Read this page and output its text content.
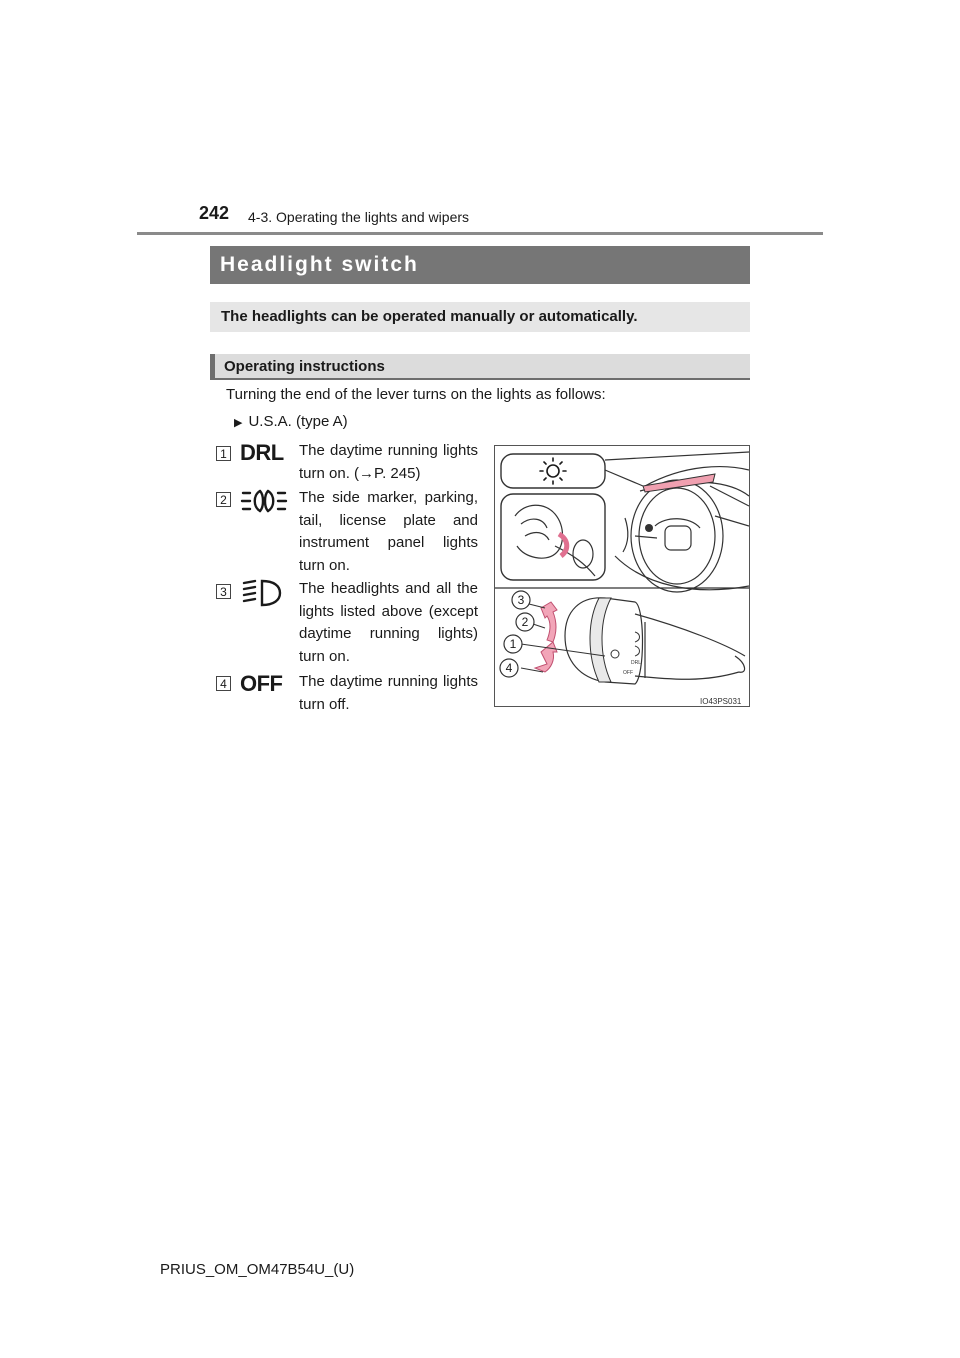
242 4-3. Operating the lights and wipers
Headlight switch
The headlights can be operated manually or automatically.
Operating instructions
Turning the end of the lever turns on the lights as follows:
▶ U.S.A. (type A)
1 DRL The daytime running lights turn on. (→P. 245)
2	The side marker, parking, tail, license plate and instrument panel lights turn on.
3	The headlights and all the lights listed above (except daytime running lights) turn on.
4 OFF	The daytime running lights turn off.
3
2
1
4	DRL
OFF
IO43PS031
PRIUS_OM_OM47B54U_(U)
